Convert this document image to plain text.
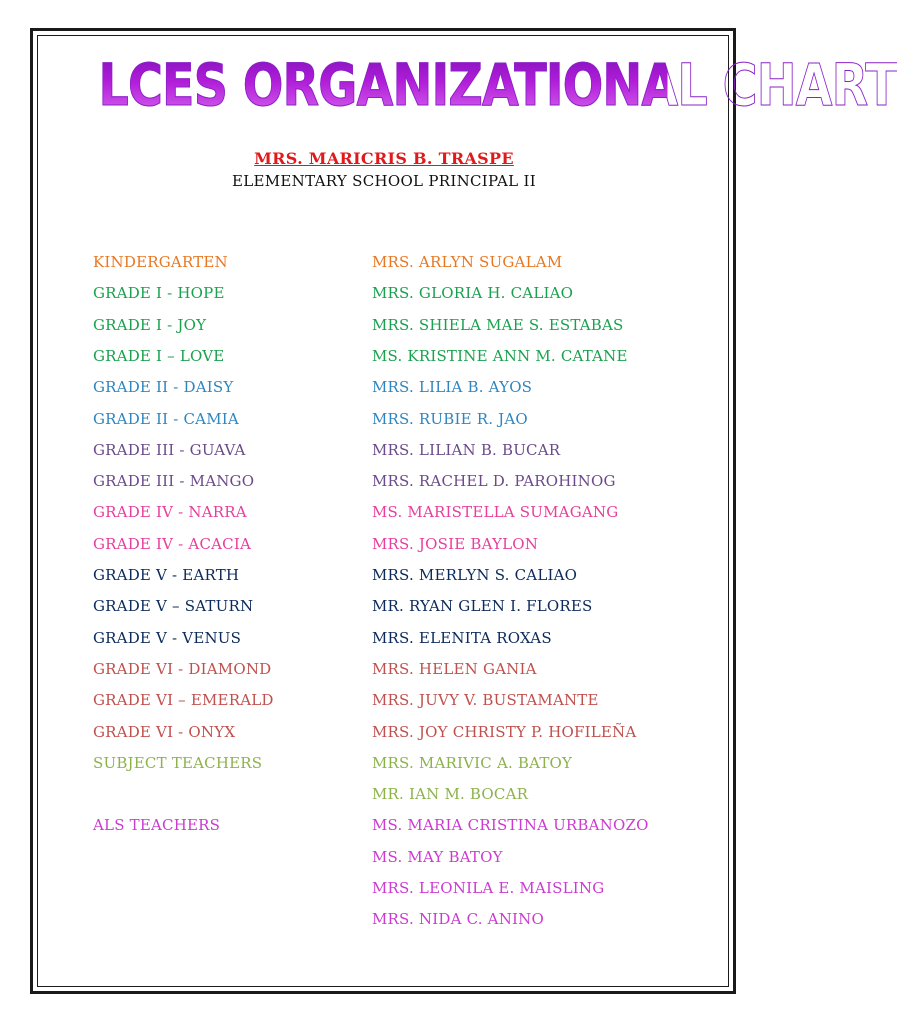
LCES ORGANIZATIONAL CHART
MRS. MARICRIS B. TRASPE
ELEMENTARY SCHOOL PRINCIPAL II
KINDERGARTEN	MRS. ARLYN SUGALAM
GRADE I - HOPE	MRS. GLORIA H. CALIAO
GRADE I - JOY	MRS. SHIELA MAE S. ESTABAS
GRADE I – LOVE	MS. KRISTINE ANN M. CATANE
GRADE II - DAISY	MRS. LILIA B. AYOS
GRADE II - CAMIA	MRS. RUBIE R. JAO
GRADE III - GUAVA	MRS. LILIAN B. BUCAR
GRADE III - MANGO	MRS. RACHEL D. PAROHINOG
GRADE IV - NARRA	MS. MARISTELLA SUMAGANG
GRADE IV - ACACIA	MRS. JOSIE BAYLON
GRADE V - EARTH	MRS. MERLYN S. CALIAO
GRADE V – SATURN	MR. RYAN GLEN I. FLORES
GRADE V - VENUS	MRS. ELENITA ROXAS
GRADE VI - DIAMOND	MRS. HELEN GANIA
GRADE VI – EMERALD	MRS. JUVY V. BUSTAMANTE
GRADE VI - ONYX	MRS. JOY CHRISTY P. HOFILEÑA
SUBJECT TEACHERS	MRS. MARIVIC A. BATOY
MR. IAN M. BOCAR
ALS TEACHERS	MS. MARIA CRISTINA URBANOZO
MS. MAY BATOY
MRS. LEONILA E. MAISLING
MRS. NIDA C. ANINO
